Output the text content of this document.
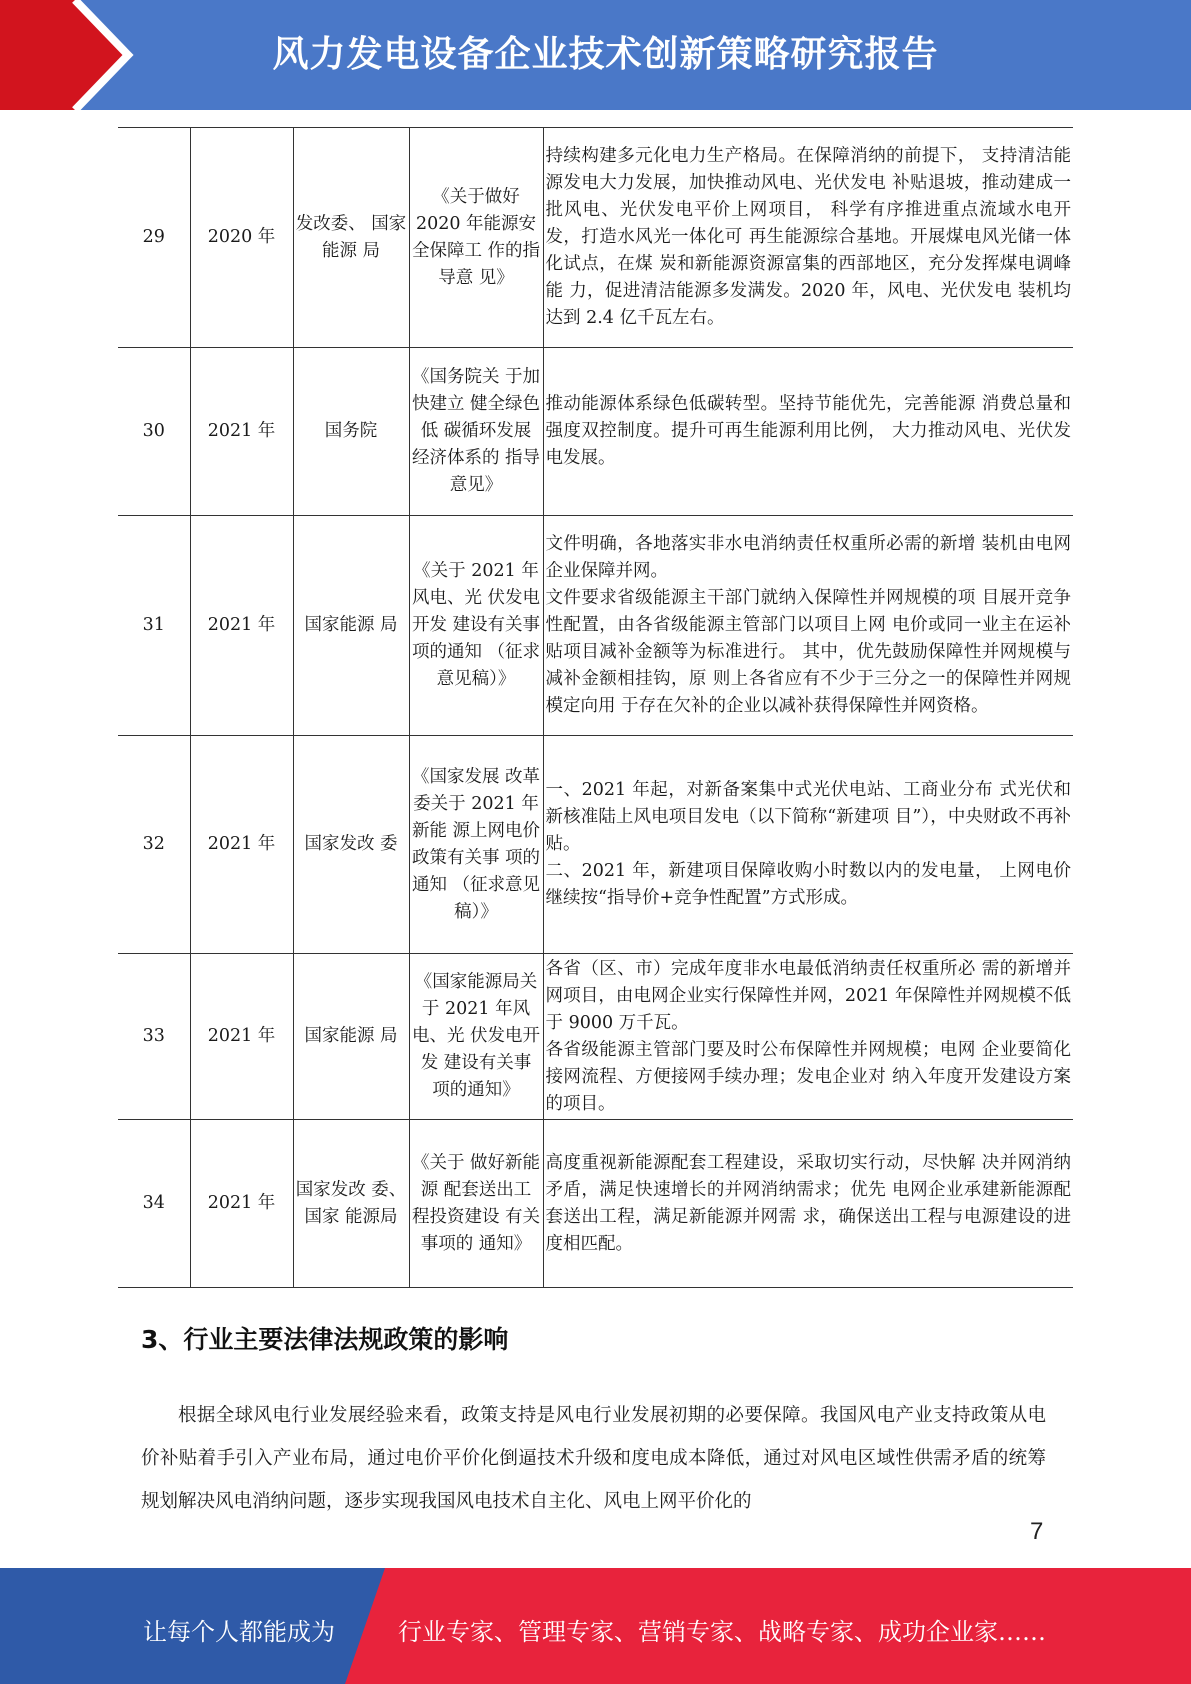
风力发电设备企业技术创新策略研究报告
29	2020 年	发改委、 国家能源 局	《关于做好2020 年能源安全保障工 作的指导意 见》	持续构建多元化电力生产格局。在保障消纳的前提下， 支持清洁能源发电大力发展，加快推动风电、光伏发电 补贴退坡，推动建成一批风电、光伏发电平价上网项目， 科学有序推进重点流域水电开发，打造水风光一体化可 再生能源综合基地。开展煤电风光储一体化试点，在煤 炭和新能源资源富集的西部地区，充分发挥煤电调峰能 力，促进清洁能源多发满发。2020 年，风电、光伏发电 装机均达到 2.4 亿千瓦左右。

30	2021 年	国务院	《国务院关 于加快建立 健全绿色低 碳循环发展 经济体系的 指导意见》	推动能源体系绿色低碳转型。坚持节能优先，完善能源 消费总量和强度双控制度。提升可再生能源利用比例， 大力推动风电、光伏发电发展。

31	2021 年	国家能源 局	《关于 2021 年风电、光 伏发电开发 建设有关事 项的通知 （征求意见稿）》	文件明确，各地落实非水电消纳责任权重所必需的新增 装机由电网企业保障并网。
文件要求省级能源主干部门就纳入保障性并网规模的项 目展开竞争性配置，由各省级能源主管部门以项目上网 电价或同一业主在运补贴项目减补金额等为标准进行。 其中，优先鼓励保障性并网规模与减补金额相挂钩，原 则上各省应有不少于三分之一的保障性并网规模定向用 于存在欠补的企业以减补获得保障性并网资格。

32	2021 年	国家发改 委	《国家发展 改革委关于 2021 年新能 源上网电价 政策有关事 项的通知 （征求意见稿）》	一、2021 年起，对新备案集中式光伏电站、工商业分布 式光伏和新核准陆上风电项目发电（以下简称“新建项 目”），中央财政不再补贴。
二、2021 年，新建项目保障收购小时数以内的发电量， 上网电价继续按“指导价+竞争性配置”方式形成。

33	2021 年	国家能源 局	《国家能源局关于 2021 年风电、光 伏发电开发 建设有关事 项的通知》	各省（区、市）完成年度非水电最低消纳责任权重所必 需的新增并网项目，由电网企业实行保障性并网，2021 年保障性并网规模不低于 9000 万千瓦。
各省级能源主管部门要及时公布保障性并网规模；电网 企业要简化接网流程、方便接网手续办理；发电企业对 纳入年度开发建设方案的项目。

34	2021 年	国家发改 委、国家 能源局	《关于 做好新能源 配套送出工 程投资建设 有关事项的 通知》	高度重视新能源配套工程建设，采取切实行动，尽快解 决并网消纳矛盾，满足快速增长的并网消纳需求；优先 电网企业承建新能源配套送出工程，满足新能源并网需 求，确保送出工程与电源建设的进度相匹配。
3、行业主要法律法规政策的影响
根据全球风电行业发展经验来看，政策支持是风电行业发展初期的必要保障。我国风电产业支持政策从电价补贴着手引入产业布局，通过电价平价化倒逼技术升级和度电成本降低，通过对风电区域性供需矛盾的统筹规划解决风电消纳问题，逐步实现我国风电技术自主化、风电上网平价化的
7
让每个人都能成为	行业专家、管理专家、营销专家、战略专家、成功企业家……
